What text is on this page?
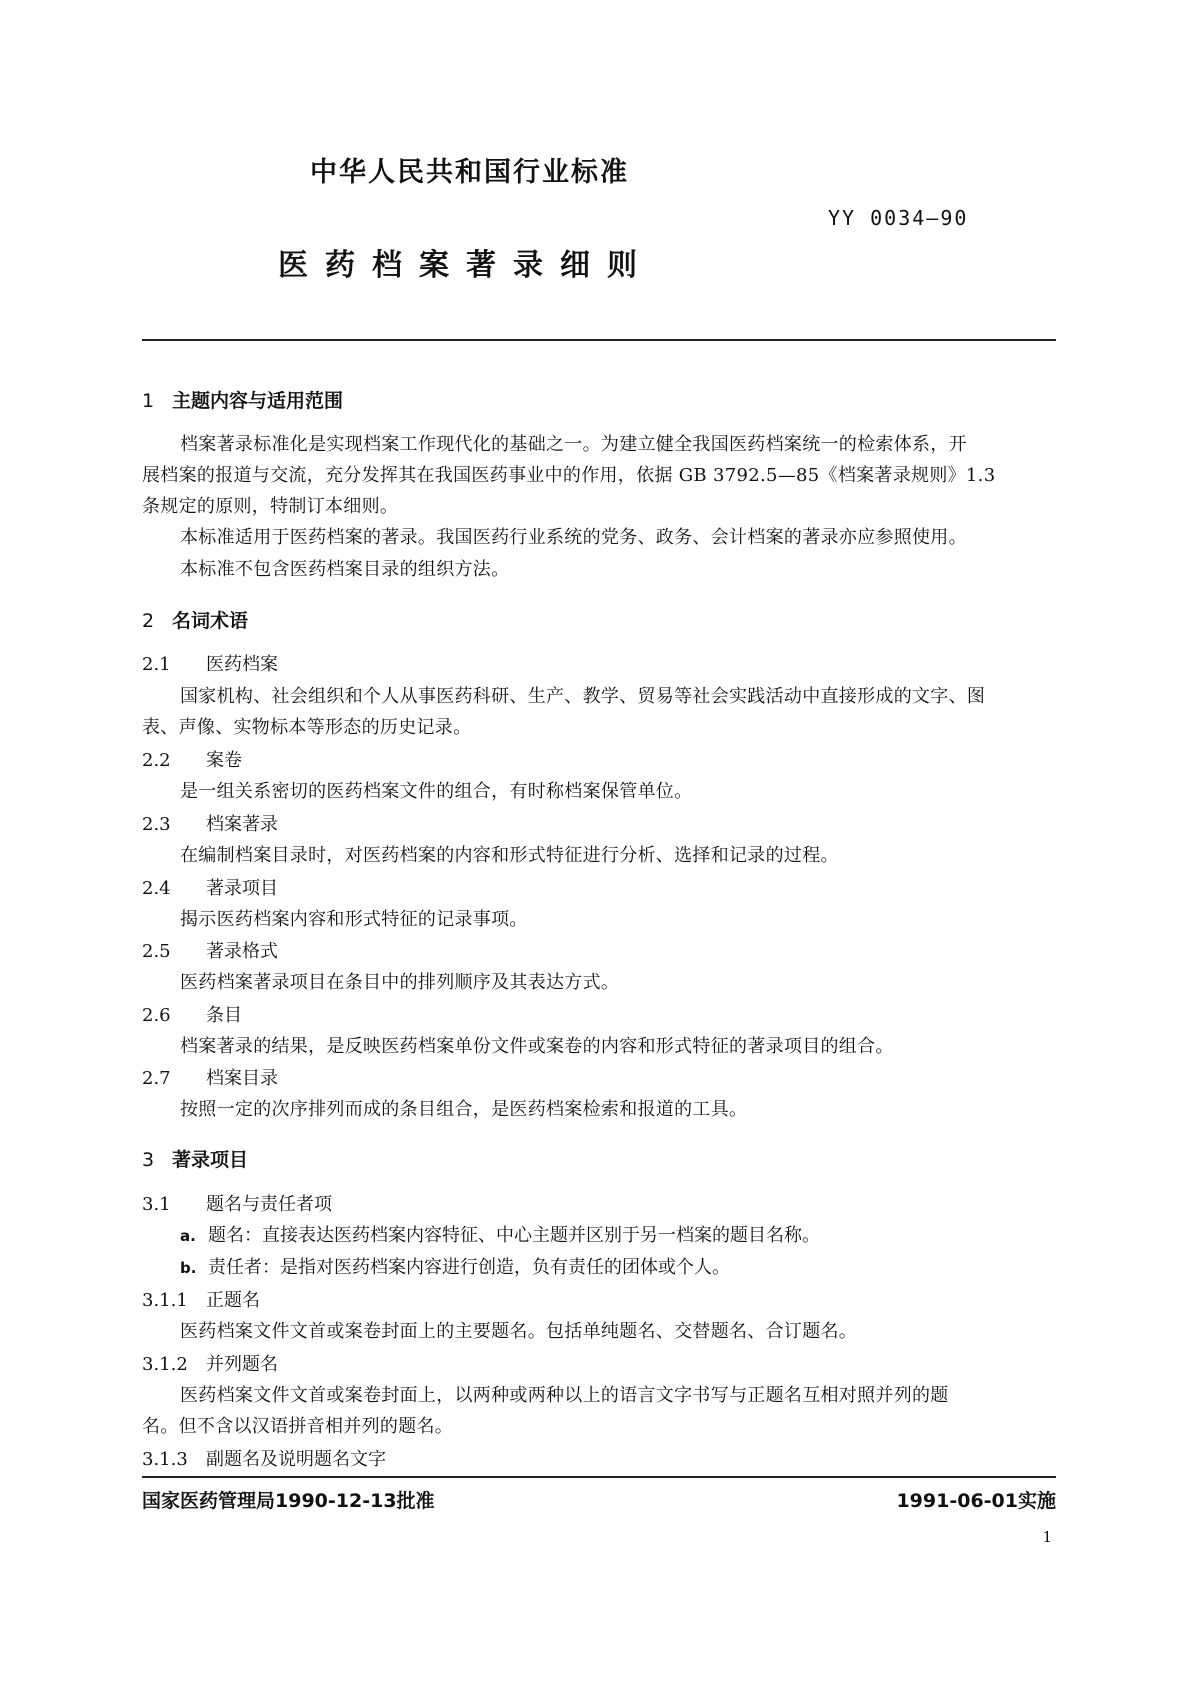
中华人民共和国行业标准
YY 0034—90
医药档案著录细则
1 主题内容与适用范围
档案著录标准化是实现档案工作现代化的基础之一。为建立健全我国医药档案统一的检索体系，开
展档案的报道与交流，充分发挥其在我国医药事业中的作用，依据 GB 3792.5—85《档案著录规则》1.3
条规定的原则，特制订本细则。
本标准适用于医药档案的著录。我国医药行业系统的党务、政务、会计档案的著录亦应参照使用。
本标准不包含医药档案目录的组织方法。
2 名词术语
2.1 医药档案
国家机构、社会组织和个人从事医药科研、生产、教学、贸易等社会实践活动中直接形成的文字、图
表、声像、实物标本等形态的历史记录。
2.2 案卷
是一组关系密切的医药档案文件的组合，有时称档案保管单位。
2.3 档案著录
在编制档案目录时，对医药档案的内容和形式特征进行分析、选择和记录的过程。
2.4 著录项目
揭示医药档案内容和形式特征的记录事项。
2.5 著录格式
医药档案著录项目在条目中的排列顺序及其表达方式。
2.6 条目
档案著录的结果，是反映医药档案单份文件或案卷的内容和形式特征的著录项目的组合。
2.7 档案目录
按照一定的次序排列而成的条目组合，是医药档案检索和报道的工具。
3 著录项目
3.1 题名与责任者项
a. 题名：直接表达医药档案内容特征、中心主题并区别于另一档案的题目名称。
b. 责任者：是指对医药档案内容进行创造，负有责任的团体或个人。
3.1.1 正题名
医药档案文件文首或案卷封面上的主要题名。包括单纯题名、交替题名、合订题名。
3.1.2 并列题名
医药档案文件文首或案卷封面上，以两种或两种以上的语言文字书写与正题名互相对照并列的题
名。但不含以汉语拼音相并列的题名。
3.1.3 副题名及说明题名文字
国家医药管理局1990-12-13批准	1991-06-01实施
1
